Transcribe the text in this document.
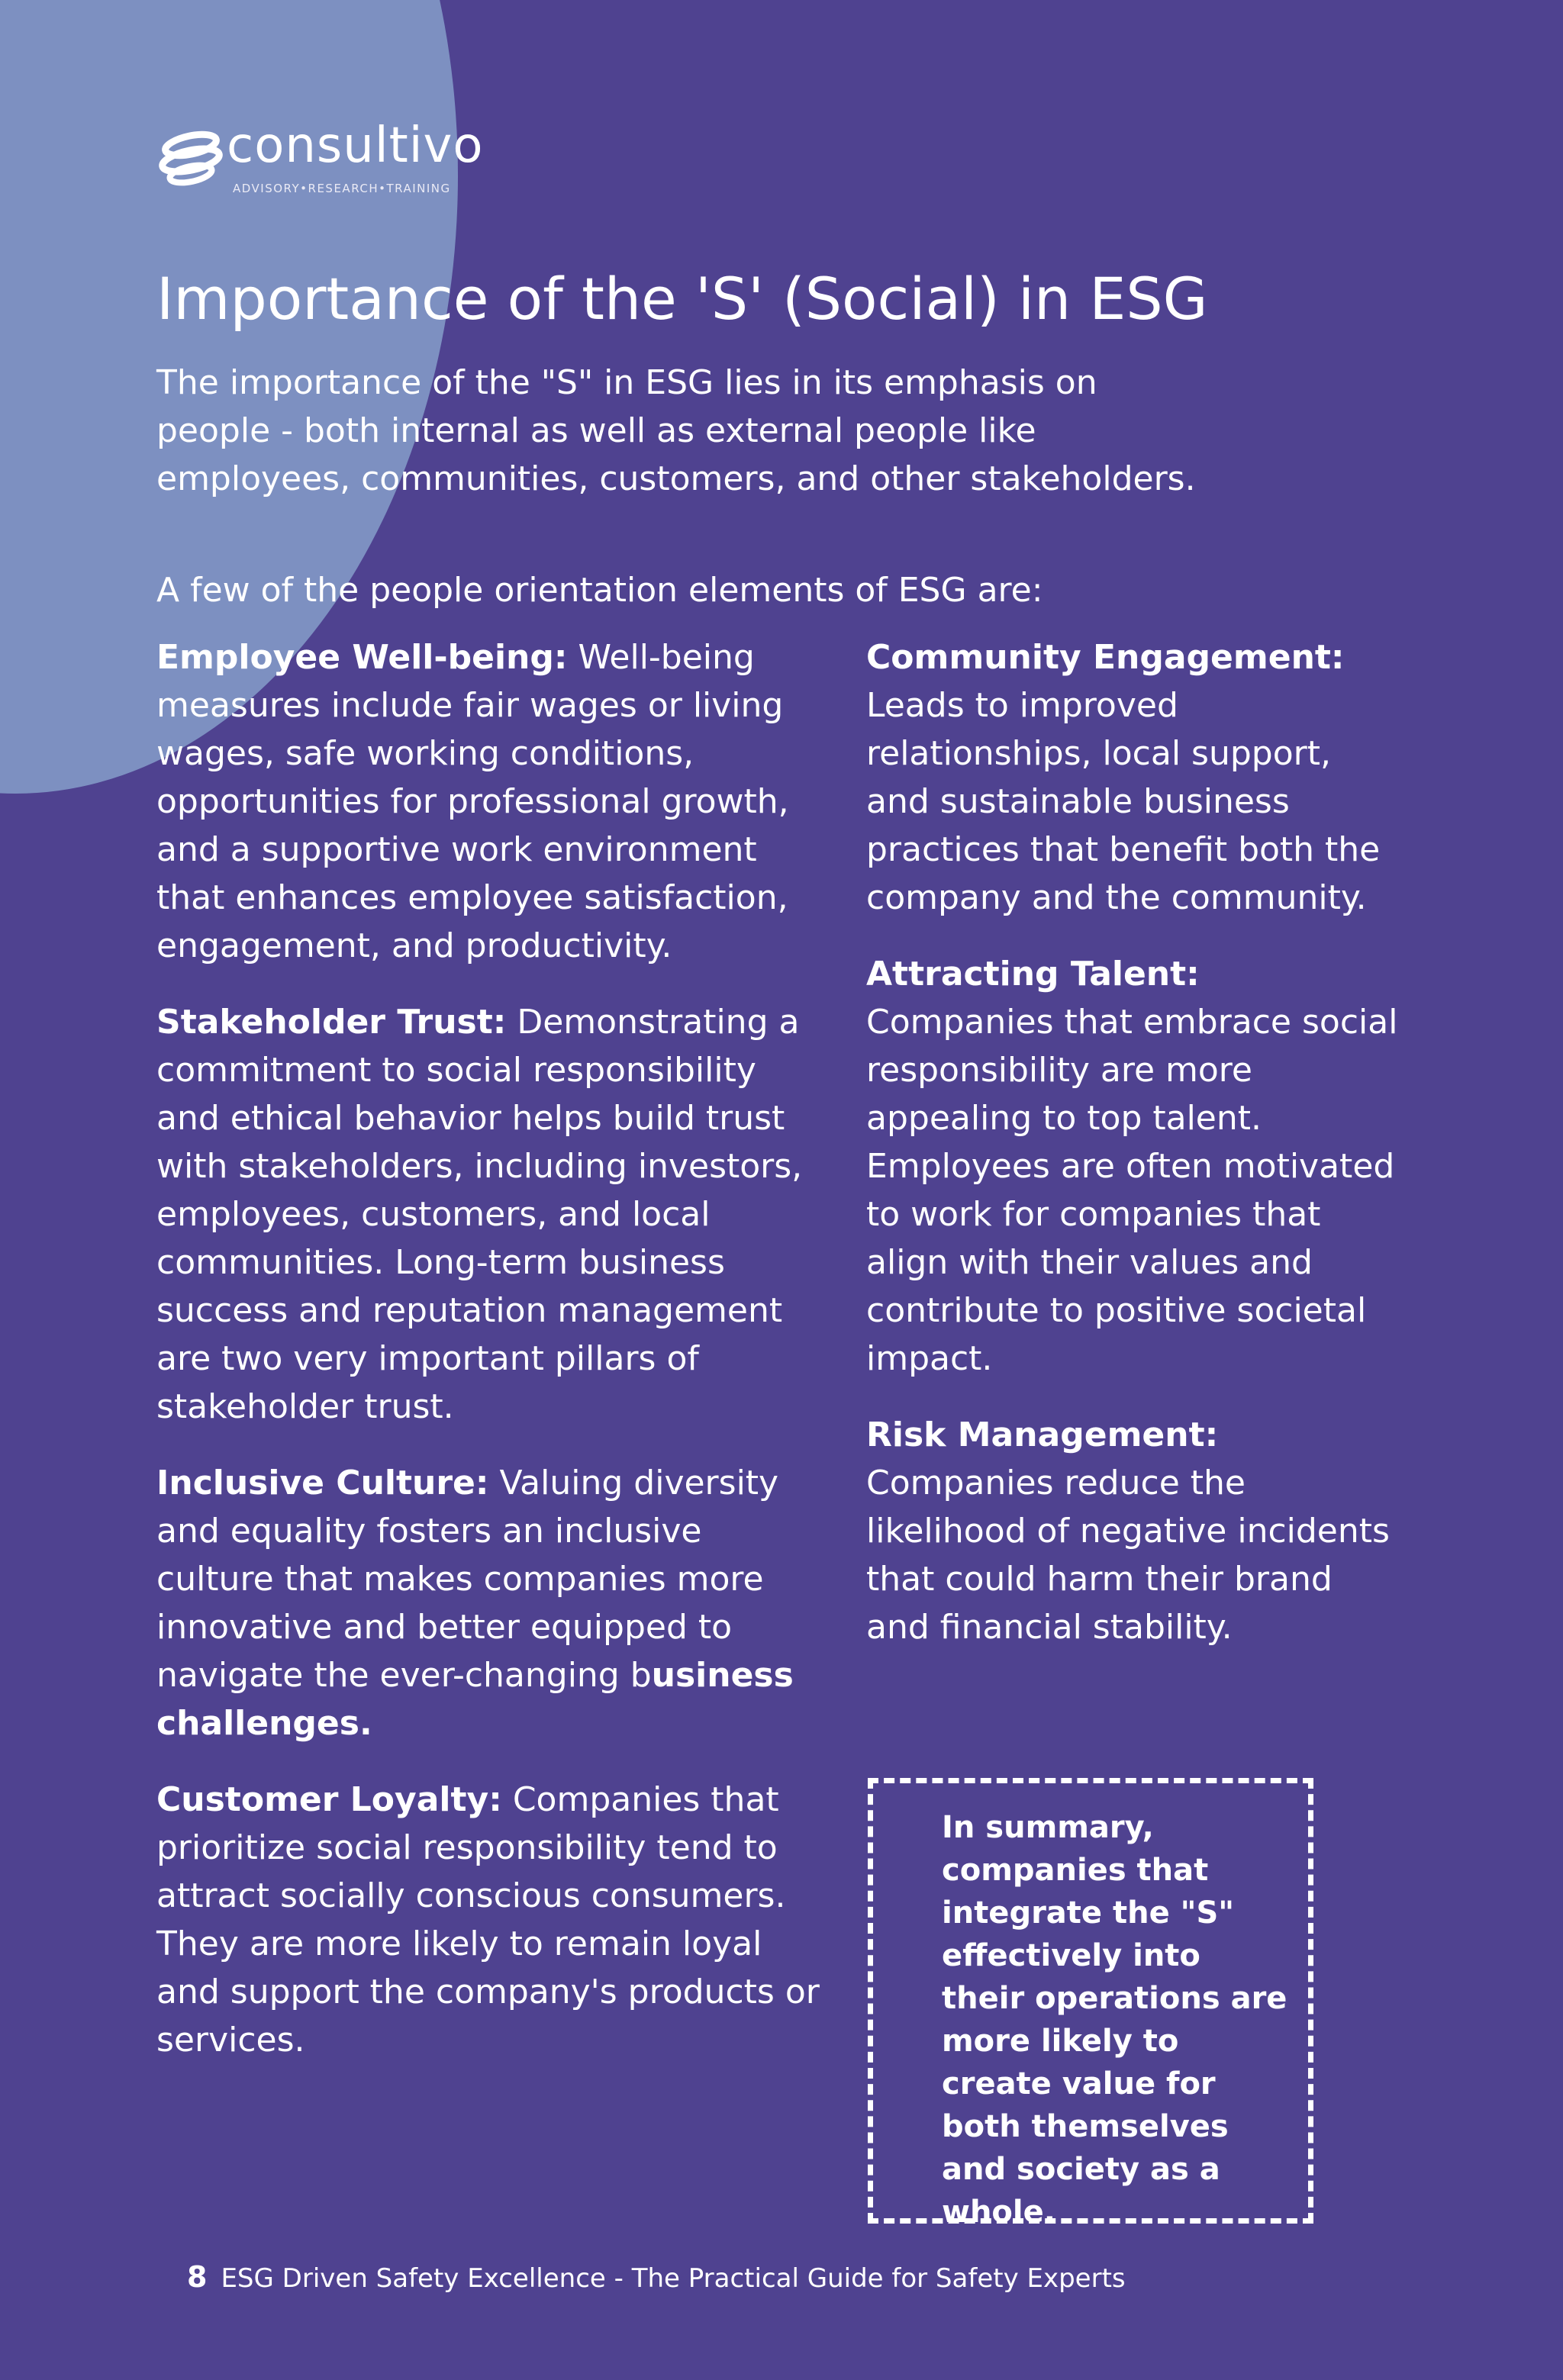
consultivo
ADVISORY•RESEARCH•TRAINING
Importance of the 'S' (Social) in ESG

The importance of the "S" in ESG lies in its emphasis on people - both internal as well as external people like employees, communities, customers, and other stakeholders.

A few of the people orientation elements of ESG are:

Employee Well-being: Well-being measures include fair wages or living wages, safe working conditions, opportunities for professional growth, and a supportive work environment that enhances employee satisfaction, engagement, and productivity.

Stakeholder Trust: Demonstrating a commitment to social responsibility and ethical behavior helps build trust with stakeholders, including investors, employees, customers, and local communities. Long-term business success and reputation management are two very important pillars of stakeholder trust.

Inclusive Culture: Valuing diversity and equality fosters an inclusive culture that makes companies more innovative and better equipped to navigate the ever-changing business challenges.

Customer Loyalty: Companies that prioritize social responsibility tend to attract socially conscious consumers. They are more likely to remain loyal and support the company's products or services.

Community Engagement:

Leads to improved relationships, local support, and sustainable business practices that benefit both the company and the community.

Attracting Talent:

Companies that embrace social responsibility are more appealing to top talent. Employees are often motivated to work for companies that align with their values and contribute to positive societal impact.

Risk Management:

Companies reduce the likelihood of negative incidents that could harm their brand and financial stability.

In summary, companies that integrate the "S" effectively into their operations are more likely to create value for both themselves and society as a whole.
8 ESG Driven Safety Excellence - The Practical Guide for Safety Experts
